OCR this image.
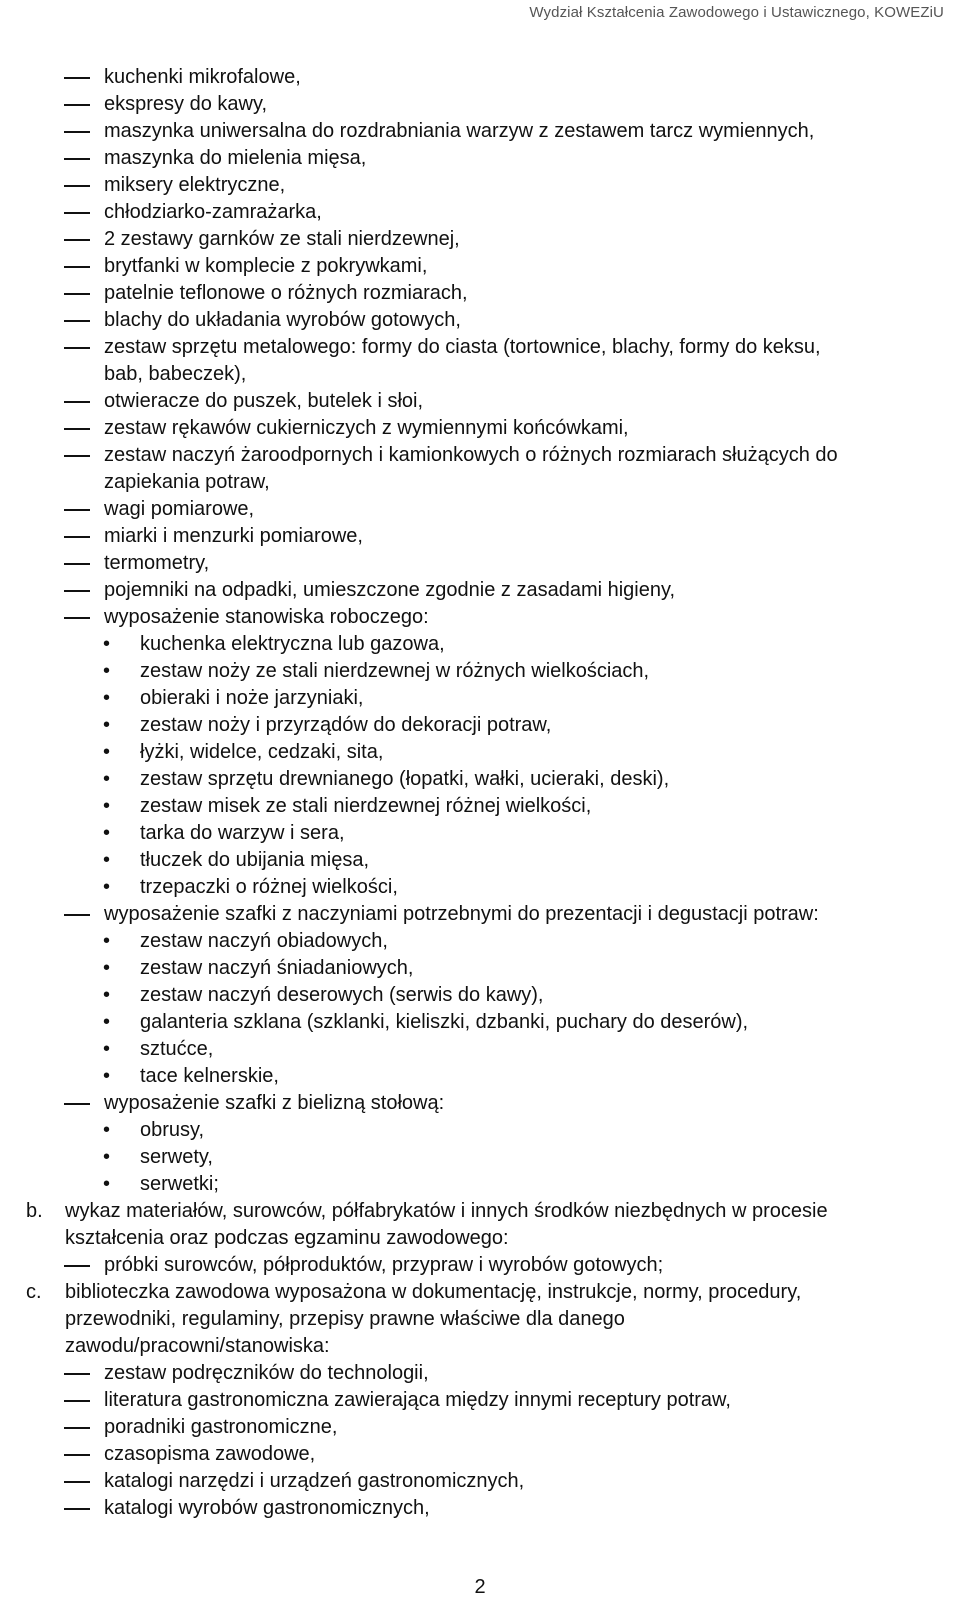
Wydział Kształcenia Zawodowego i Ustawicznego, KOWEZiU
kuchenki mikrofalowe,
ekspresy do kawy,
maszynka uniwersalna do rozdrabniania warzyw z zestawem tarcz wymiennych,
maszynka do mielenia mięsa,
miksery elektryczne,
chłodziarko-zamrażarka,
2 zestawy garnków ze stali nierdzewnej,
brytfanki w komplecie z pokrywkami,
patelnie teflonowe o różnych rozmiarach,
blachy do układania wyrobów gotowych,
zestaw sprzętu metalowego: formy do ciasta (tortownice, blachy, formy do keksu,
bab, babeczek),
otwieracze do puszek, butelek i słoi,
zestaw rękawów cukierniczych z wymiennymi końcówkami,
zestaw naczyń żaroodpornych i kamionkowych o różnych rozmiarach służących do
zapiekania potraw,
wagi pomiarowe,
miarki i menzurki pomiarowe,
termometry,
pojemniki na odpadki, umieszczone zgodnie z zasadami higieny,
wyposażenie stanowiska roboczego:
• kuchenka elektryczna lub gazowa,
• zestaw noży ze stali nierdzewnej w różnych wielkościach,
• obieraki i noże jarzyniaki,
• zestaw noży i przyrządów do dekoracji potraw,
• łyżki, widelce, cedzaki, sita,
• zestaw sprzętu drewnianego (łopatki, wałki, ucieraki, deski),
• zestaw misek ze stali nierdzewnej różnej wielkości,
• tarka do warzyw i sera,
• tłuczek do ubijania mięsa,
• trzepaczki o różnej wielkości,
wyposażenie szafki z naczyniami potrzebnymi do prezentacji i degustacji potraw:
• zestaw naczyń obiadowych,
• zestaw naczyń śniadaniowych,
• zestaw naczyń deserowych (serwis do kawy),
• galanteria szklana (szklanki, kieliszki, dzbanki, puchary do deserów),
• sztućce,
• tace kelnerskie,
wyposażenie szafki z bielizną stołową:
• obrusy,
• serwety,
• serwetki;
b. wykaz materiałów, surowców, półfabrykatów i innych środków niezbędnych w procesie
kształcenia oraz podczas egzaminu zawodowego:
próbki surowców, półproduktów, przypraw i wyrobów gotowych;
c. biblioteczka zawodowa wyposażona w dokumentację, instrukcje, normy, procedury,
przewodniki, regulaminy, przepisy prawne właściwe dla danego
zawodu/pracowni/stanowiska:
zestaw podręczników do technologii,
literatura gastronomiczna zawierająca między innymi receptury potraw,
poradniki gastronomiczne,
czasopisma zawodowe,
katalogi narzędzi i urządzeń gastronomicznych,
katalogi wyrobów gastronomicznych,
2
